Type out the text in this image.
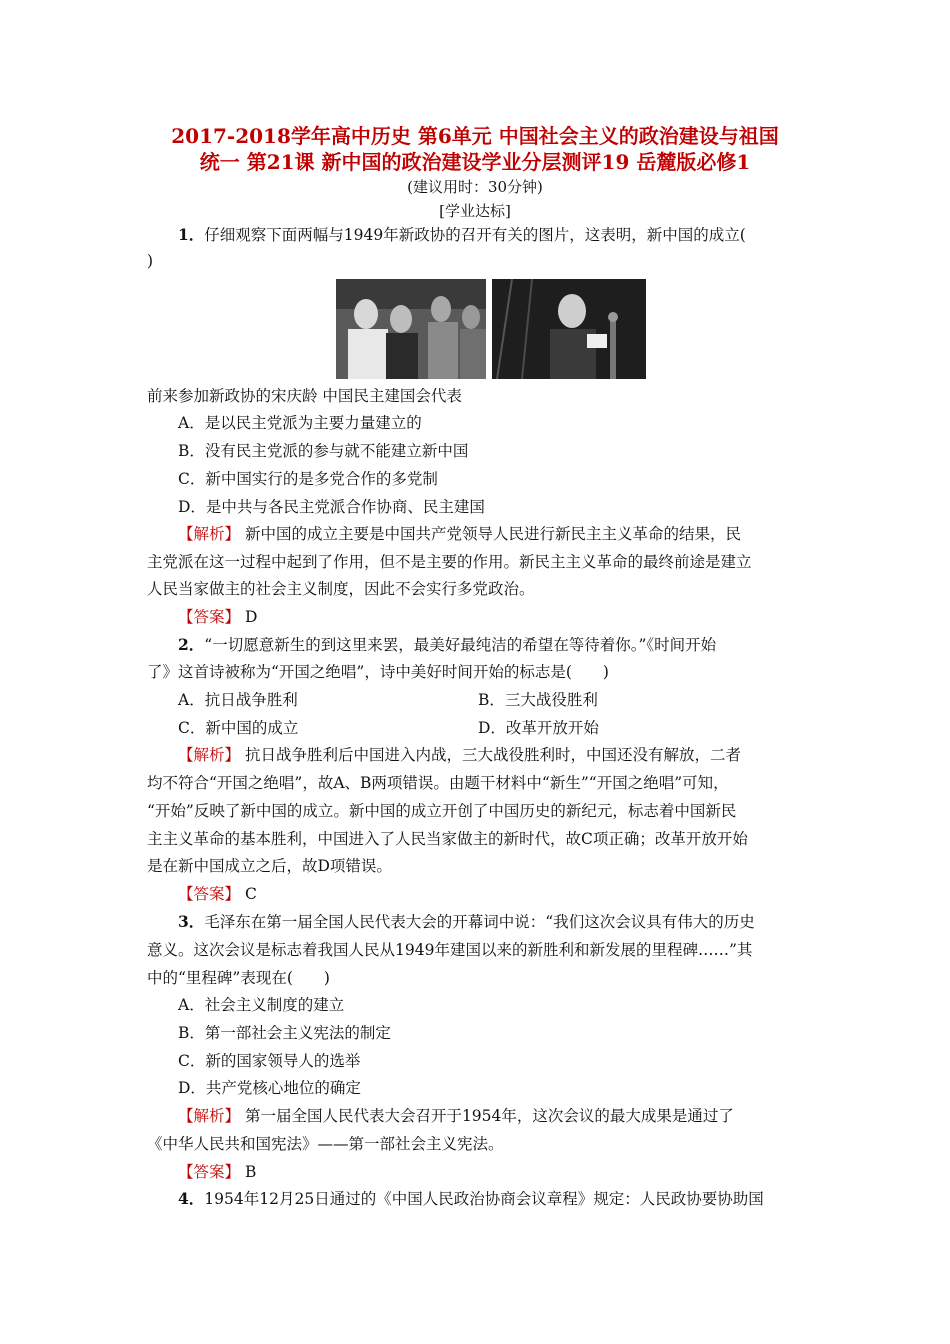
2017-2018学年高中历史 第6单元 中国社会主义的政治建设与祖国
统一 第21课 新中国的政治建设学业分层测评19 岳麓版必修1
(建议用时：30分钟)
[学业达标]
1．仔细观察下面两幅与1949年新政协的召开有关的图片，这表明，新中国的成立(
)
前来参加新政协的宋庆龄 中国民主建国会代表
A．是以民主党派为主要力量建立的
B．没有民主党派的参与就不能建立新中国
C．新中国实行的是多党合作的多党制
D．是中共与各民主党派合作协商、民主建国
【解析】 新中国的成立主要是中国共产党领导人民进行新民主主义革命的结果，民
主党派在这一过程中起到了作用，但不是主要的作用。新民主主义革命的最终前途是建立
人民当家做主的社会主义制度，因此不会实行多党政治。
【答案】 D
2．“一切愿意新生的到这里来罢，最美好最纯洁的希望在等待着你。”《时间开始
了》这首诗被称为“开国之绝唱”，诗中美好时间开始的标志是(　　)
A．抗日战争胜利	B．三大战役胜利
C．新中国的成立	D．改革开放开始
【解析】 抗日战争胜利后中国进入内战，三大战役胜利时，中国还没有解放，二者
均不符合“开国之绝唱”，故A、B两项错误。由题干材料中“新生”“开国之绝唱”可知，
“开始”反映了新中国的成立。新中国的成立开创了中国历史的新纪元，标志着中国新民
主主义革命的基本胜利，中国进入了人民当家做主的新时代，故C项正确；改革开放开始
是在新中国成立之后，故D项错误。
【答案】 C
3．毛泽东在第一届全国人民代表大会的开幕词中说：“我们这次会议具有伟大的历史
意义。这次会议是标志着我国人民从1949年建国以来的新胜利和新发展的里程碑……”其
中的“里程碑”表现在(　　)
A．社会主义制度的建立
B．第一部社会主义宪法的制定
C．新的国家领导人的选举
D．共产党核心地位的确定
【解析】 第一届全国人民代表大会召开于1954年，这次会议的最大成果是通过了
《中华人民共和国宪法》——第一部社会主义宪法。
【答案】 B
4．1954年12月25日通过的《中国人民政治协商会议章程》规定：人民政协要协助国
